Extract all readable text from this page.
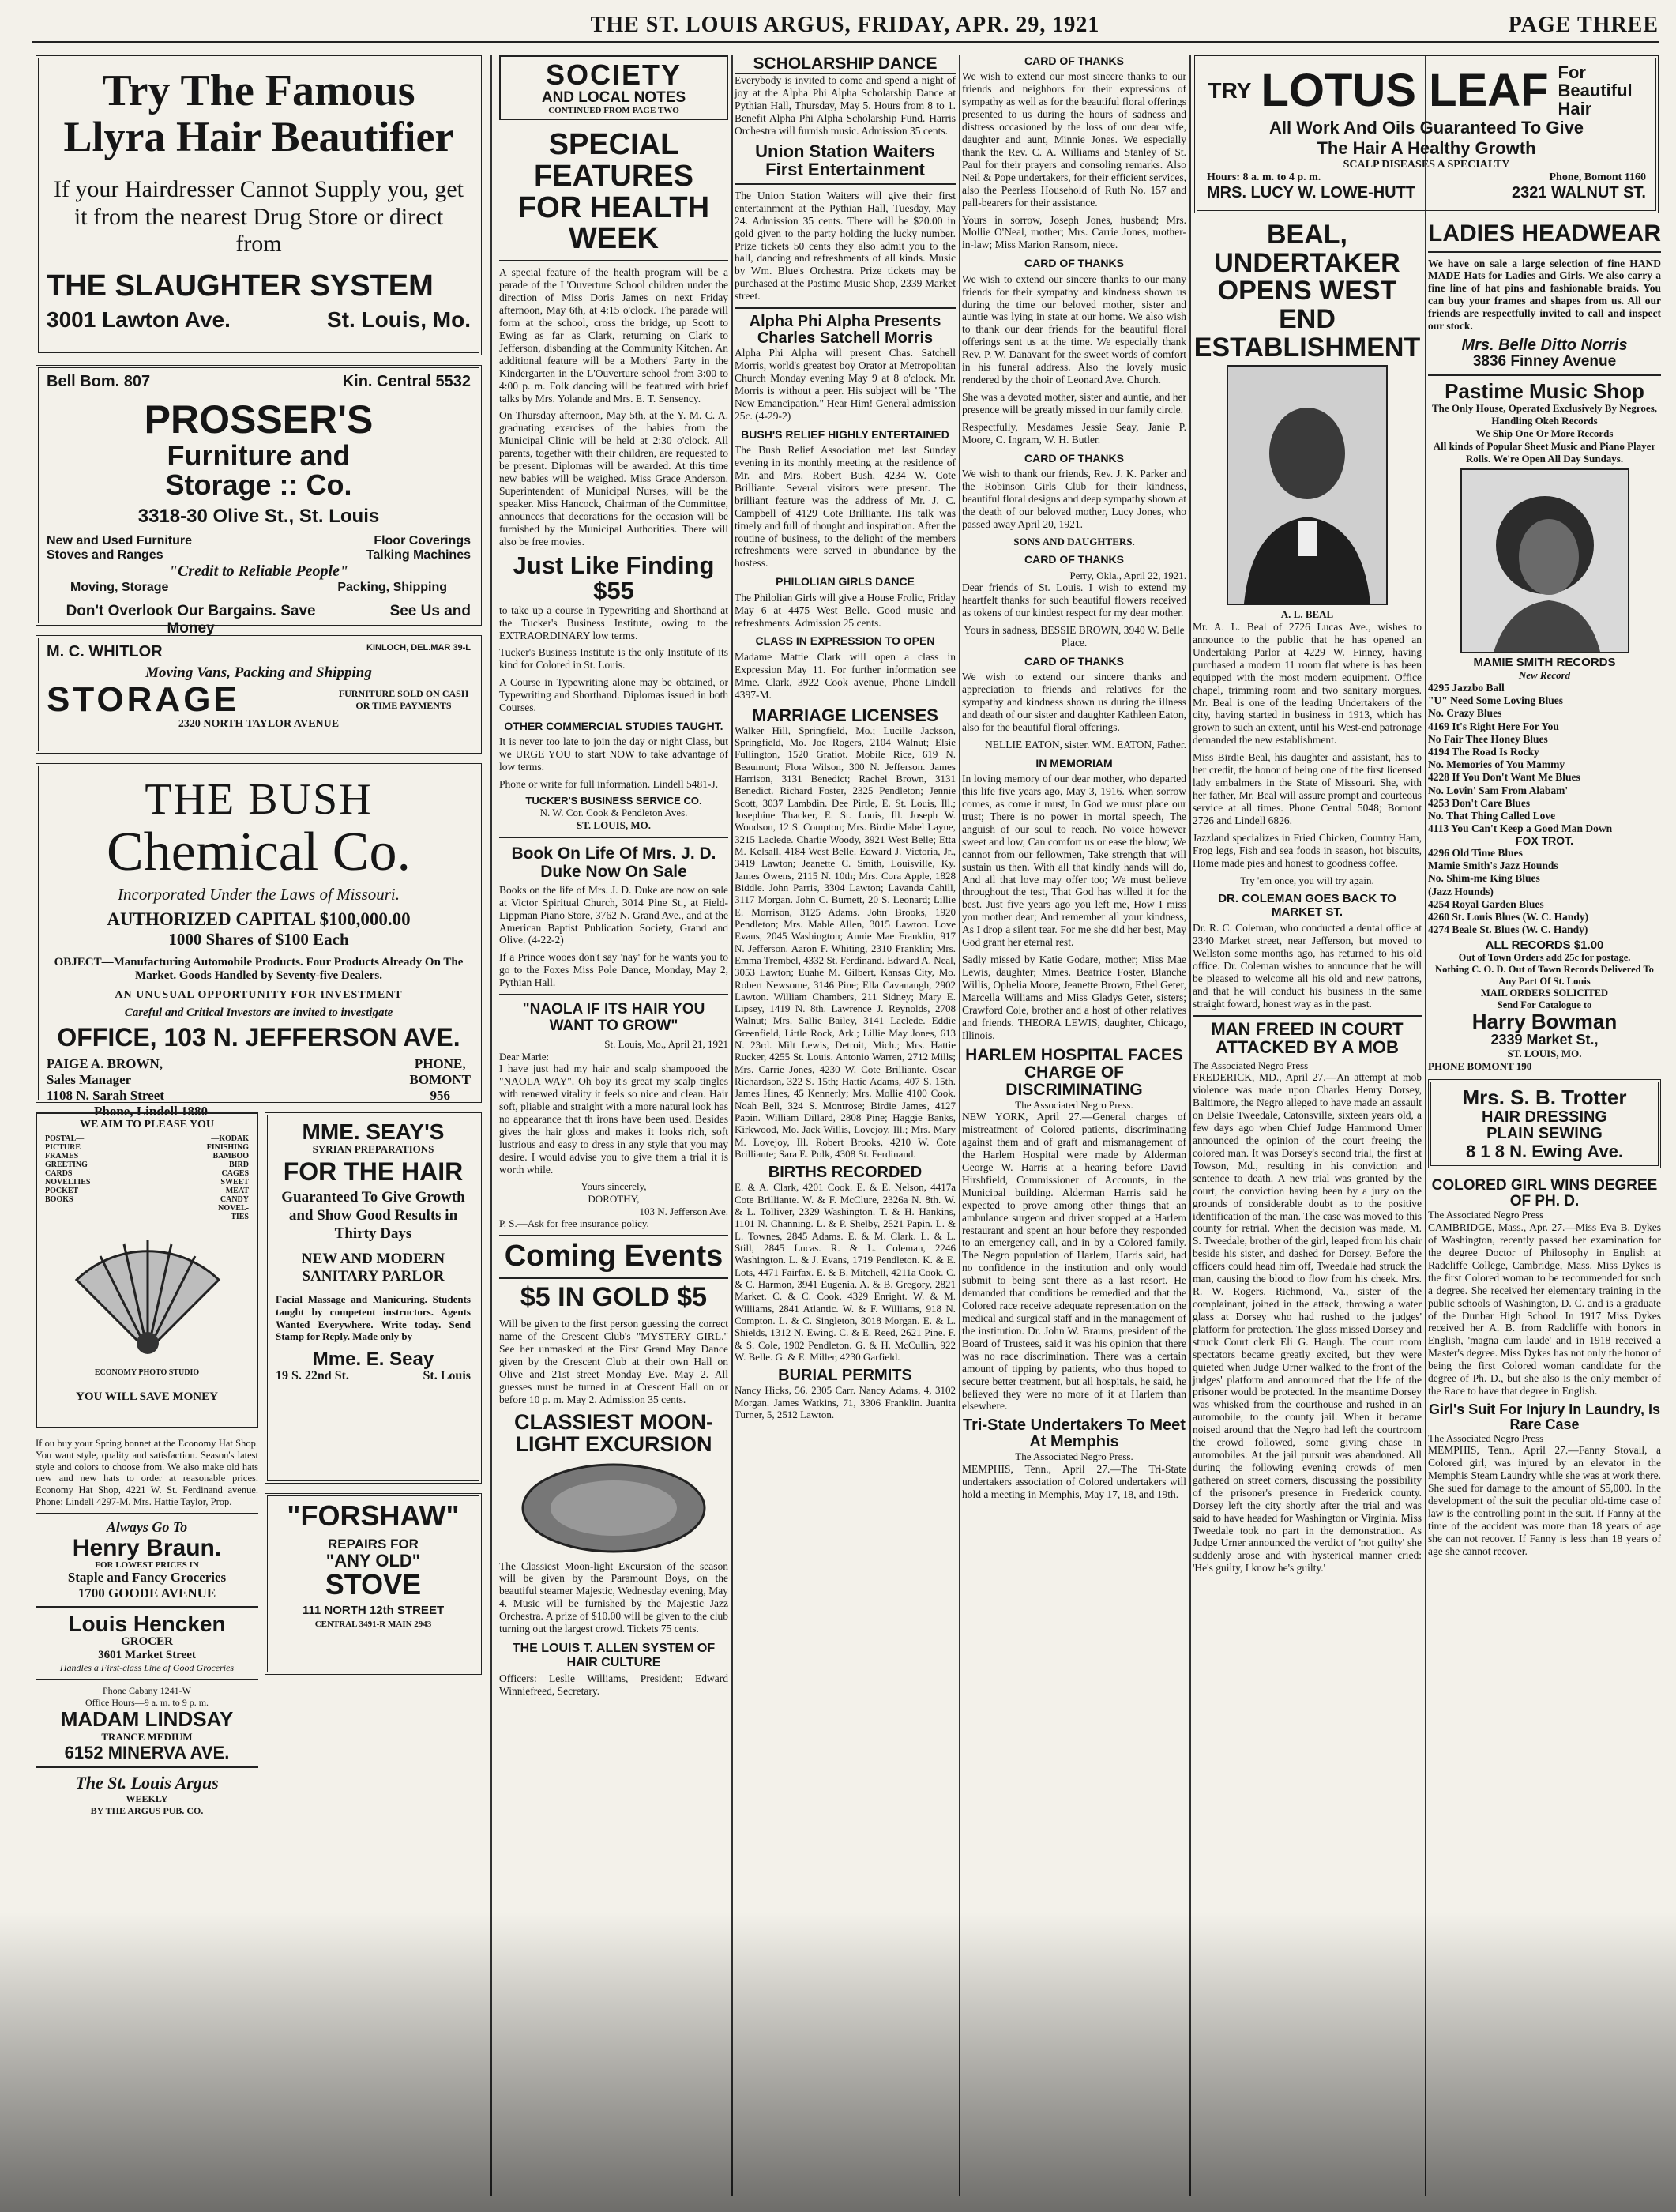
THE ST. LOUIS ARGUS, FRIDAY, APR. 29, 1921	PAGE THREE
Try The Famous
Llyra Hair Beautifier
If your Hairdresser Cannot Supply you, get it from the nearest Drug Store or direct from
THE SLAUGHTER SYSTEM
3001 Lawton Ave.	St. Louis, Mo.
Bell Bom. 807	Kin. Central 5532
PROSSER'S
Furniture and
Storage :: Co.
3318-30 Olive St., St. Louis
New and Used Furniture
Stoves and Ranges
Floor Coverings
Talking Machines
"Credit to Reliable People"
Moving, Storage	Packing, Shipping
Don't Overlook Our Bargains. Save Money
See Us and
M. C. WHITLOR	KINLOCH, DEL.MAR 39-L
Moving Vans, Packing and Shipping
STORAGE	FURNITURE SOLD ON CASH OR TIME PAYMENTS
2320 NORTH TAYLOR AVENUE
THE BUSH
Chemical Co.
Incorporated Under the Laws of Missouri.
AUTHORIZED CAPITAL $100,000.00
1000 Shares of $100 Each
OBJECT—Manufacturing Automobile Products. Four Products Already On The Market. Goods Handled by Seventy-five Dealers.
AN UNUSUAL OPPORTUNITY FOR INVESTMENT
Careful and Critical Investors are invited to investigate
OFFICE, 103 N. JEFFERSON AVE.
PAIGE A. BROWN,
Sales Manager
1108 N. Sarah Street
Phone, Lindell 1880
PHONE,
BOMONT
956
WE AIM TO PLEASE YOU
POSTAL—
PICTURE
FRAMES
GREETING
CARDS
NOVELTIES
POCKET
BOOKS
—KODAK
FINISHING
BAMBOO
BIRD
CAGES
SWEET
MEAT
CANDY
NOVEL-
TIES
ECONOMY PHOTO STUDIO
YOU WILL SAVE MONEY
If ou buy your Spring bonnet at the Economy Hat Shop. You want style, quality and satisfaction. Season's latest style and colors to choose from. We also make old hats new and new hats to order at reasonable prices. Economy Hat Shop, 4221 W. St. Ferdinand avenue. Phone: Lindell 4297-M. Mrs. Hattie Taylor, Prop.
Always Go To
Henry Braun.
FOR LOWEST PRICES IN
Staple and Fancy Groceries
1700 GOODE AVENUE
Louis Hencken
GROCER
3601 Market Street
Handles a First-class Line of Good Groceries
Phone Cabany 1241-W
Office Hours—9 a. m. to 9 p. m.
MADAM LINDSAY
TRANCE MEDIUM
6152 MINERVA AVE.
The St. Louis Argus
WEEKLY
BY THE ARGUS PUB. CO.
MME. SEAY'S
SYRIAN PREPARATIONS
FOR THE HAIR
Guaranteed To Give Growth and Show Good Results in Thirty Days
NEW AND MODERN SANITARY PARLOR
Facial Massage and Manicuring. Students taught by competent instructors. Agents Wanted Everywhere. Write today. Send Stamp for Reply. Made only by
Mme. E. Seay
19 S. 22nd St.	St. Louis
"FORSHAW"
REPAIRS FOR
"ANY OLD"
STOVE
111 NORTH 12th STREET
CENTRAL 3491-R MAIN 2943
SOCIETY
AND LOCAL NOTES
CONTINUED FROM PAGE TWO
SPECIAL FEATURES FOR HEALTH WEEK

A special feature of the health program will be a parade of the L'Ouverture School children under the direction of Miss Doris James on next Friday afternoon, May 6th, at 4:15 o'clock. The parade will form at the school, cross the bridge, up Scott to Ewing as far as Clark, returning on Clark to Jefferson, disbanding at the Community Kitchen. An additional feature will be a Mothers' Party in the Kindergarten in the L'Ouverture school from 3:00 to 4:00 p. m. Folk dancing will be featured with brief talks by Mrs. Yolande and Mrs. E. T. Sensency.

On Thursday afternoon, May 5th, at the Y. M. C. A. graduating exercises of the babies from the Municipal Clinic will be held at 2:30 o'clock. All parents, together with their children, are requested to be present. Diplomas will be awarded. At this time new babies will be weighed. Miss Grace Anderson, Superintendent of Municipal Nurses, will be the speaker. Miss Hancock, Chairman of the Committee, announces that decorations for the occasion will be furnished by the Municipal Authorities. There will also be free movies.

Just Like Finding $55

to take up a course in Typewriting and Shorthand at the Tucker's Business Institute, owing to the EXTRAORDINARY low terms.

Tucker's Business Institute is the only Institute of its kind for Colored in St. Louis.

A Course in Typewriting alone may be obtained, or Typewriting and Shorthand. Diplomas issued in both Courses.

OTHER COMMERCIAL STUDIES TAUGHT.

It is never too late to join the day or night Class, but we URGE YOU to start NOW to take advantage of low terms.

Phone or write for full information. Lindell 5481-J.

TUCKER'S BUSINESS SERVICE CO.
N. W. Cor. Cook & Pendleton Aves.
ST. LOUIS, MO.
Book On Life Of Mrs. J. D. Duke Now On Sale

Books on the life of Mrs. J. D. Duke are now on sale at Victor Spiritual Church, 3014 Pine St., at Field-Lippman Piano Store, 3762 N. Grand Ave., and at the American Baptist Publication Society, Grand and Olive. (4-22-2)

If a Prince wooes don't say 'nay' for he wants you to go to the Foxes Miss Pole Dance, Monday, May 2, Pythian Hall.

"NAOLA IF ITS HAIR YOU WANT TO GROW"
St. Louis, Mo., April 21, 1921
Dear Marie:

I have just had my hair and scalp shampooed the "NAOLA WAY". Oh boy it's great my scalp tingles with renewed vitality it feels so nice and clean. Hair soft, pliable and straight with a more natural look has no appearance that th irons have been used. Besides gives the hair gloss and makes it looks rich, soft lustrious and easy to dress in any style that you may desire. I would advise you to give them a trial it is worth while.

Yours sincerely,
DOROTHY,
103 N. Jefferson Ave.
P. S.—Ask for free insurance policy.
Coming Events
$5 IN GOLD $5

Will be given to the first person guessing the correct name of the Crescent Club's "MYSTERY GIRL." See her unmasked at the First Grand May Dance given by the Crescent Club at their own Hall on Olive and 21st street Monday Eve. May 2. All guesses must be turned in at Crescent Hall on or before 10 p. m. May 2. Admission 35 cents.

CLASSIEST MOON-LIGHT EXCURSION

The Classiest Moon-light Excursion of the season will be given by the Paramount Boys, on the beautiful steamer Majestic, Wednesday evening, May 4. Music will be furnished by the Majestic Jazz Orchestra. A prize of $10.00 will be given to the club turning out the largest crowd. Tickets 75 cents.

THE LOUIS T. ALLEN SYSTEM OF HAIR CULTURE

Officers: Leslie Williams, President; Edward Winniefreed, Secretary.

SCHOLARSHIP DANCE

Everybody is invited to come and spend a night of joy at the Alpha Phi Alpha Scholarship Dance at Pythian Hall, Thursday, May 5. Hours from 8 to 1. Benefit Alpha Phi Alpha Scholarship Fund. Harris Orchestra will furnish music. Admission 35 cents.

Union Station Waiters First Entertainment

The Union Station Waiters will give their first entertainment at the Pythian Hall, Tuesday, May 24. Admission 35 cents. There will be $20.00 in gold given to the party holding the lucky number. Prize tickets 50 cents they also admit you to the hall, dancing and refreshments of all kinds. Music by Wm. Blue's Orchestra. Prize tickets may be purchased at the Pastime Music Shop, 2339 Market street.

Alpha Phi Alpha Presents Charles Satchell Morris

Alpha Phi Alpha will present Chas. Satchell Morris, world's greatest boy Orator at Metropolitan Church Monday evening May 9 at 8 o'clock. Mr. Morris is without a peer. His subject will be "The New Emancipation." Hear Him! General admission 25c. (4-29-2)

BUSH'S RELIEF HIGHLY ENTERTAINED

The Bush Relief Association met last Sunday evening in its monthly meeting at the residence of Mr. and Mrs. Robert Bush, 4234 W. Cote Brilliante. Several visitors were present. The brilliant feature was the address of Mr. J. C. Campbell of 4129 Cote Brilliante. His talk was timely and full of thought and inspiration. After the routine of business, to the delight of the members refreshments were served in abundance by the hostess.

PHILOLIAN GIRLS DANCE

The Philolian Girls will give a House Frolic, Friday May 6 at 4475 West Belle. Good music and refreshments. Admission 25 cents.

CLASS IN EXPRESSION TO OPEN

Madame Mattie Clark will open a class in Expression May 11. For further information see Mme. Clark, 3922 Cook avenue, Phone Lindell 4397-M.

MARRIAGE LICENSES

Walker Hill, Springfield, Mo.; Lucille Jackson, Springfield, Mo. Joe Rogers, 2104 Walnut; Elsie Fullington, 1520 Gratiot. Mobile Rice, 619 N. Beaumont; Flora Wilson, 300 N. Jefferson. James Harrison, 3131 Benedict; Rachel Brown, 3131 Benedict. Richard Foster, 2325 Pendleton; Jennie Scott, 3037 Lambdin. Dee Pirtle, E. St. Louis, Ill.; Josephine Thacker, E. St. Louis, Ill. Joseph W. Woodson, 12 S. Compton; Mrs. Birdie Mabel Layne, 3215 Laclede. Charlie Woody, 3921 West Belle; Etta M. Kelsall, 4184 West Belle. Edward J. Victoria, Jr., 3419 Lawton; Jeanette C. Smith, Louisville, Ky. James Owens, 2115 N. 10th; Mrs. Cora Apple, 1828 Biddle. John Parris, 3304 Lawton; Lavanda Cahill, 3117 Morgan. John C. Burnett, 20 S. Leonard; Lillie E. Morrison, 3125 Adams. John Brooks, 1920 Pendleton; Mrs. Mable Allen, 3015 Lawton. Love Evans, 2045 Washington; Annie Mae Franklin, 917 N. Jefferson. Aaron F. Whiting, 2310 Franklin; Mrs. Emma Trembel, 4332 St. Ferdinand. Edward A. Neal, 3053 Lawton; Euahe M. Gilbert, Kansas City, Mo. Robert Newsome, 3146 Pine; Ella Cavanaugh, 2902 Lawton. William Chambers, 211 Sidney; Mary E. Lipsey, 1419 N. 8th. Lawrence J. Reynolds, 2708 Walnut; Mrs. Sallie Bailey, 3141 Laclede. Eddie Greenfield, Little Rock, Ark.; Lillie May Jones, 613 N. 23rd. Milt Lewis, Detroit, Mich.; Mrs. Hattie Rucker, 4255 St. Louis. Antonio Warren, 2712 Mills; Mrs. Carrie Jones, 4230 W. Cote Brilliante. Oscar Richardson, 322 S. 15th; Hattie Adams, 407 S. 15th. James Hines, 45 Kennerly; Mrs. Mollie 4100 Cook. Noah Bell, 324 S. Montrose; Birdie James, 4127 Papin. William Dillard, 2808 Pine; Haggie Banks, Kirkwood, Mo. Jack Willis, Lovejoy, Ill.; Mrs. Mary M. Lovejoy, Ill. Robert Brooks, 4210 W. Cote Brilliante; Sara E. Polk, 4308 St. Ferdinand.

BIRTHS RECORDED

E. & A. Clark, 4201 Cook. E. & E. Nelson, 4417a Cote Brilliante. W. & F. McClure, 2326a N. 8th. W. & L. Tolliver, 2329 Washington. T. & H. Hankins, 1101 N. Channing. L. & P. Shelby, 2521 Papin. L. & L. Townes, 2845 Adams. E. & M. Clark. L. & L. Still, 2845 Lucas. R. & L. Coleman, 2246 Washington. L. & J. Evans, 1719 Pendleton. K. & E. Lots, 4471 Fairfax. E. & B. Mitchell, 4211a Cook. C. & C. Harmon, 3941 Eugenia. A. & B. Gregory, 2821 Market. C. & C. Cook, 4329 Enright. W. & M. Williams, 2841 Atlantic. W. & F. Williams, 918 N. Compton. L. & C. Singleton, 3018 Morgan. E. & L. Shields, 1312 N. Ewing. C. & E. Reed, 2621 Pine. F. & S. Cole, 1902 Pendleton. G. & H. McCullin, 922 W. Belle. G. & E. Miller, 4230 Garfield.

BURIAL PERMITS

Nancy Hicks, 56. 2305 Carr. Nancy Adams, 4, 3102 Morgan. James Watkins, 71, 3306 Franklin. Juanita Turner, 5, 2512 Lawton.

CARD OF THANKS

We wish to extend our most sincere thanks to our friends and neighbors for their expressions of sympathy as well as for the beautiful floral offerings presented to us during the hours of sadness and distress occasioned by the loss of our dear wife, daughter and aunt, Minnie Jones. We especially thank the Rev. C. A. Williams and Stanley of St. Paul for their prayers and consoling remarks. Also Neil & Pope undertakers, for their efficient services, also the Peerless Household of Ruth No. 157 and pall-bearers for their assistance.

Yours in sorrow, Joseph Jones, husband; Mrs. Mollie O'Neal, mother; Mrs. Carrie Jones, mother-in-law; Miss Marion Ransom, niece.

CARD OF THANKS

We wish to extend our sincere thanks to our many friends for their sympathy and kindness shown us during the time our beloved mother, sister and auntie was lying in state at our home. We also wish to thank our dear friends for the beautiful floral offerings sent us at the time. We especially thank Rev. P. W. Danavant for the sweet words of comfort in his funeral address. Also the lovely music rendered by the choir of Leonard Ave. Church.

She was a devoted mother, sister and auntie, and her presence will be greatly missed in our family circle.

Respectfully, Mesdames Jessie Seay, Janie P. Moore, C. Ingram, W. H. Butler.

CARD OF THANKS

We wish to thank our friends, Rev. J. K. Parker and the Robinson Girls Club for their kindness, beautiful floral designs and deep sympathy shown at the death of our beloved mother, Lucy Jones, who passed away April 20, 1921.

SONS AND DAUGHTERS.
CARD OF THANKS
Perry, Okla., April 22, 1921.

Dear friends of St. Louis. I wish to extend my heartfelt thanks for such beautiful flowers received as tokens of our kindest respect for my dear mother.

Yours in sadness, BESSIE BROWN, 3940 W. Belle Place.

CARD OF THANKS

We wish to extend our sincere thanks and appreciation to friends and relatives for the sympathy and kindness shown us during the illness and death of our sister and daughter Kathleen Eaton, also for the beautiful floral offerings.

NELLIE EATON, sister. WM. EATON, Father.

IN MEMORIAM

In loving memory of our dear mother, who departed this life five years ago, May 3, 1916. When sorrow comes, as come it must, In God we must place our trust; There is no power in mortal speech, The anguish of our soul to reach. No voice however sweet and low, Can comfort us or ease the blow; We cannot from our fellowmen, Take strength that will sustain us then. With all that kindly hands will do, And all that love may offer too; We must believe throughout the test, That God has willed it for the best. Just five years ago you left me, How I miss you mother dear; And remember all your kindness, As I drop a silent tear. For me she did her best, May God grant her eternal rest.

Sadly missed by Katie Godare, mother; Miss Mae Lewis, daughter; Mmes. Beatrice Foster, Blanche Willis, Ophelia Moore, Jeanette Brown, Ethel Geter, Marcella Williams and Miss Gladys Geter, sisters; Crawford Cole, brother and a host of other relatives and friends. THEORA LEWIS, daughter, Chicago, Illinois.

HARLEM HOSPITAL FACES CHARGE OF DISCRIMINATING
The Associated Negro Press.

NEW YORK, April 27.—General charges of mistreatment of Colored patients, discriminating against them and of graft and mismanagement of the Harlem Hospital were made by Alderman George W. Harris at a hearing before David Hirshfield, Commissioner of Accounts, in the Municipal building. Alderman Harris said he expected to prove among other things that an ambulance surgeon and driver stopped at a Harlem restaurant and spent an hour before they responded to an emergency call, and in by a Colored family. The Negro population of Harlem, Harris said, had no confidence in the institution and only would submit to being sent there as a last resort. He demanded that conditions be remedied and that the Colored race receive adequate representation on the medical and surgical staff and in the management of the institution. Dr. John W. Brauns, president of the Board of Trustees, said it was his opinion that there was no race discrimination. There was a certain amount of tipping by patients, who thus hoped to secure better treatment, but all hospitals, he said, he believed they were no more of it at Harlem than elsewhere.

Tri-State Undertakers To Meet At Memphis
The Associated Negro Press.

MEMPHIS, Tenn., April 27.—The Tri-State undertakers association of Colored undertakers will hold a meeting in Memphis, May 17, 18, and 19th.

TRY LOTUS LEAF For Beautiful Hair
All Work And Oils Guaranteed To Give
The Hair A Healthy Growth
SCALP DISEASES A SPECIALTY
Hours: 8 a. m. to 4 p. m.	Phone, Bomont 1160
MRS. LUCY W. LOWE-HUTT	2321 WALNUT ST.
BEAL, UNDERTAKER OPENS WEST END ESTABLISHMENT
A. L. BEAL

Mr. A. L. Beal of 2726 Lucas Ave., wishes to announce to the public that he has opened an Undertaking Parlor at 4229 W. Finney, having purchased a modern 11 room flat where is has been equipped with the most modern equipment. Office chapel, trimming room and two sanitary morgues. Mr. Beal is one of the leading Undertakers of the city, having started in business in 1913, which has grown to such an extent, until his West-end patronage demanded the new establishment.

Miss Birdie Beal, his daughter and assistant, has to her credit, the honor of being one of the first licensed lady embalmers in the State of Missouri. She, with her father, Mr. Beal will assure prompt and courteous service at all times. Phone Central 5048; Bomont 2726 and Lindell 6826.

Jazzland specializes in Fried Chicken, Country Ham, Frog legs, Fish and sea foods in season, hot biscuits, Home made pies and honest to goodness coffee.

Try 'em once, you will try again.
DR. COLEMAN GOES BACK TO MARKET ST.

Dr. R. C. Coleman, who conducted a dental office at 2340 Market street, near Jefferson, but moved to Wellston some months ago, has returned to his old office. Dr. Coleman wishes to announce that he will be pleased to welcome all his old and new patrons, and that he will conduct his business in the same straight foward, honest way as in the past.

MAN FREED IN COURT ATTACKED BY A MOB
The Associated Negro Press

FREDERICK, MD., April 27.—An attempt at mob violence was made upon Charles Henry Dorsey, Baltimore, the Negro alleged to have made an assault on Delsie Tweedale, Catonsville, sixteen years old, a few days ago when Chief Judge Hammond Urner announced the opinion of the court freeing the colored man. It was Dorsey's second trial, the first at Towson, Md., resulting in his conviction and sentence to death. A new trial was granted by the court, the conviction having been by a jury on the grounds of considerable doubt as to the positive identification of the man. The case was moved to this county for retrial. When the decision was made, M. S. Tweedale, brother of the girl, leaped from his chair beside his sister, and dashed for Dorsey. Before the officers could head him off, Tweedale had struck the man, causing the blood to flow from his cheek. Mrs. R. W. Rogers, Richmond, Va., sister of the complainant, joined in the attack, throwing a water glass at Dorsey who had rushed to the judges' platform for protection. The glass missed Dorsey and struck Court clerk Eli G. Haugh. The court room spectators became greatly excited, but they were quieted when Judge Urner walked to the front of the judges' platform and announced that the life of the prisoner would be protected. In the meantime Dorsey was whisked from the courthouse and rushed in an automobile, to the county jail. When it became noised around that the Negro had left the courtroom the crowd followed, some giving chase in automobiles. At the jail pursuit was abandoned. All during the following evening crowds of men gathered on street corners, discussing the possibility of the prisoner's presence in Frederick county. Dorsey left the city shortly after the trial and was said to have headed for Washington or Virginia. Miss Tweedale took no part in the demonstration. As Judge Urner announced the verdict of 'not guilty' she suddenly arose and with hysterical manner cried: 'He's guilty, I know he's guilty.'

LADIES HEADWEAR

We have on sale a large selection of fine HAND MADE Hats for Ladies and Girls. We also carry a fine line of hat pins and fashionable braids. You can buy your frames and shapes from us. All our friends are respectfully invited to call and inspect our stock.

Mrs. Belle Ditto Norris
3836 Finney Avenue
Pastime Music Shop
The Only House, Operated Exclusively By Negroes, Handling Okeh Records
We Ship One Or More Records
All kinds of Popular Sheet Music and Piano Player Rolls. We're Open All Day Sundays.
MAMIE SMITH RECORDS
New Record
4295 Jazzbo Ball
"U" Need Some Loving Blues
No. Crazy Blues
4169 It's Right Here For You
No Fair Thee Honey Blues
4194 The Road Is Rocky
No. Memories of You Mammy
4228 If You Don't Want Me Blues
No. Lovin' Sam From Alabam'
4253 Don't Care Blues
No. That Thing Called Love
4113 You Can't Keep a Good Man Down
FOX TROT.
4296 Old Time Blues
Mamie Smith's Jazz Hounds
No. Shim-me King Blues
(Jazz Hounds)
4254 Royal Garden Blues
4260 St. Louis Blues (W. C. Handy)
4274 Beale St. Blues (W. C. Handy)
ALL RECORDS $1.00
Out of Town Orders add 25c for postage.
Nothing C. O. D. Out of Town Records Delivered To Any Part Of St. Louis
MAIL ORDERS SOLICITED
Send For Catalogue to
Harry Bowman
2339 Market St.,
ST. LOUIS, MO.
PHONE BOMONT 190
Mrs. S. B. Trotter
HAIR DRESSING
PLAIN SEWING
8 1 8 N. Ewing Ave.
COLORED GIRL WINS DEGREE OF PH. D.
The Associated Negro Press

CAMBRIDGE, Mass., Apr. 27.—Miss Eva B. Dykes of Washington, recently passed her examination for the degree Doctor of Philosophy in English at Radcliffe College, Cambridge, Mass. Miss Dykes is the first Colored woman to be recommended for such a degree. She received her elementary training in the public schools of Washington, D. C. and is a graduate of the Dunbar High School. In 1917 Miss Dykes received her A. B. from Radcliffe with honors in English, 'magna cum laude' and in 1918 received a Master's degree. Miss Dykes has not only the honor of being the first Colored woman candidate for the degree of Ph. D., but she also is the only member of the Race to have that degree in English.

Girl's Suit For Injury In Laundry, Is Rare Case
The Associated Negro Press

MEMPHIS, Tenn., April 27.—Fanny Stovall, a Colored girl, was injured by an elevator in the Memphis Steam Laundry while she was at work there. She sued for damage to the amount of $5,000. In the development of the suit the peculiar old-time case of law is the controlling point in the suit. If Fanny at the time of the accident was more than 18 years of age she can not recover. If Fanny is less than 18 years of age she cannot recover.
